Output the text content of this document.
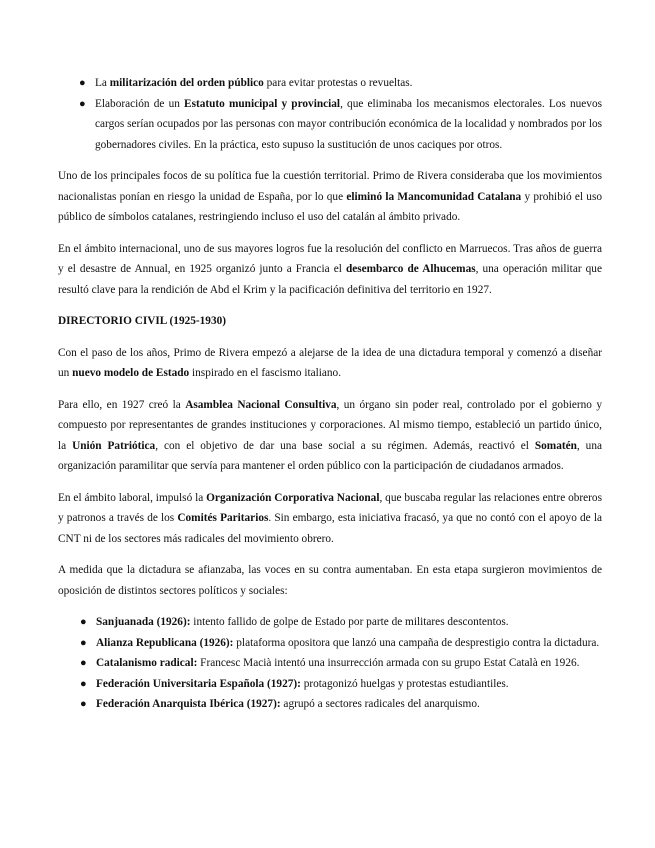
● La militarización del orden público para evitar protestas o revueltas.
● Elaboración de un Estatuto municipal y provincial, que eliminaba los mecanismos electorales. Los nuevos cargos serían ocupados por las personas con mayor contribución económica de la localidad y nombrados por los gobernadores civiles. En la práctica, esto supuso la sustitución de unos caciques por otros.

Uno de los principales focos de su política fue la cuestión territorial. Primo de Rivera consideraba que los movimientos nacionalistas ponían en riesgo la unidad de España, por lo que eliminó la Mancomunidad Catalana y prohibió el uso público de símbolos catalanes, restringiendo incluso el uso del catalán al ámbito privado.

En el ámbito internacional, uno de sus mayores logros fue la resolución del conflicto en Marruecos. Tras años de guerra y el desastre de Annual, en 1925 organizó junto a Francia el desembarco de Alhucemas, una operación militar que resultó clave para la rendición de Abd el Krim y la pacificación definitiva del territorio en 1927.

DIRECTORIO CIVIL (1925-1930)

Con el paso de los años, Primo de Rivera empezó a alejarse de la idea de una dictadura temporal y comenzó a diseñar un nuevo modelo de Estado inspirado en el fascismo italiano.

Para ello, en 1927 creó la Asamblea Nacional Consultiva, un órgano sin poder real, controlado por el gobierno y compuesto por representantes de grandes instituciones y corporaciones. Al mismo tiempo, estableció un partido único, la Unión Patriótica, con el objetivo de dar una base social a su régimen. Además, reactivó el Somatén, una organización paramilitar que servía para mantener el orden público con la participación de ciudadanos armados.

En el ámbito laboral, impulsó la Organización Corporativa Nacional, que buscaba regular las relaciones entre obreros y patronos a través de los Comités Paritarios. Sin embargo, esta iniciativa fracasó, ya que no contó con el apoyo de la CNT ni de los sectores más radicales del movimiento obrero.

A medida que la dictadura se afianzaba, las voces en su contra aumentaban. En esta etapa surgieron movimientos de oposición de distintos sectores políticos y sociales:

● Sanjuanada (1926): intento fallido de golpe de Estado por parte de militares descontentos.
● Alianza Republicana (1926): plataforma opositora que lanzó una campaña de desprestigio contra la dictadura.
● Catalanismo radical: Francesc Macià intentó una insurrección armada con su grupo Estat Català en 1926.
● Federación Universitaria Española (1927): protagonizó huelgas y protestas estudiantiles.
● Federación Anarquista Ibérica (1927): agrupó a sectores radicales del anarquismo.
